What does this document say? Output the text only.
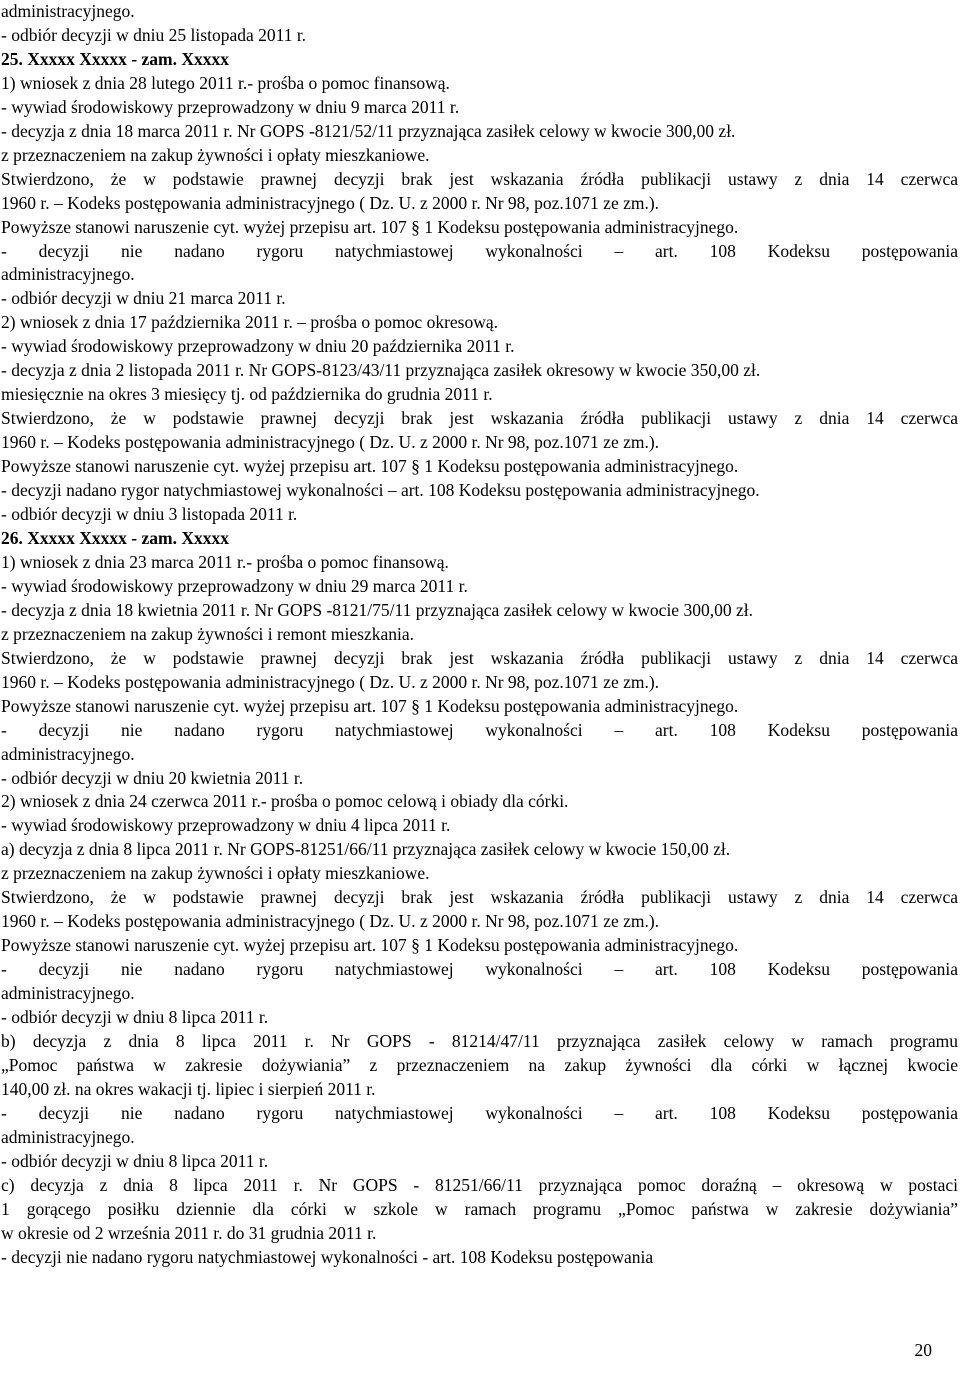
administracyjnego.
- odbiór decyzji w dniu 25 listopada 2011 r.
25. Xxxxx Xxxxx - zam. Xxxxx
1) wniosek z dnia 28 lutego 2011 r.- prośba o pomoc finansową.
- wywiad środowiskowy przeprowadzony w dniu 9 marca 2011 r.
- decyzja z dnia 18 marca 2011 r. Nr GOPS -8121/52/11 przyznająca zasiłek celowy w kwocie 300,00 zł.
z przeznaczeniem na zakup żywności i opłaty mieszkaniowe.
Stwierdzono, że w podstawie prawnej decyzji brak jest wskazania źródła publikacji ustawy z dnia 14 czerwca
1960 r. – Kodeks postępowania administracyjnego ( Dz. U. z 2000 r. Nr 98, poz.1071 ze zm.).
Powyższe stanowi naruszenie cyt. wyżej przepisu art. 107 § 1 Kodeksu postępowania administracyjnego.
- decyzji nie nadano rygoru natychmiastowej wykonalności – art. 108 Kodeksu postępowania
administracyjnego.
- odbiór decyzji w dniu 21 marca 2011 r.
2) wniosek z dnia 17 października 2011 r. – prośba o pomoc okresową.
- wywiad środowiskowy przeprowadzony w dniu 20 października 2011 r.
- decyzja z dnia 2 listopada 2011 r. Nr GOPS-8123/43/11 przyznająca zasiłek okresowy w kwocie 350,00 zł.
miesięcznie na okres 3 miesięcy tj. od października do grudnia 2011 r.
Stwierdzono, że w podstawie prawnej decyzji brak jest wskazania źródła publikacji ustawy z dnia 14 czerwca
1960 r. – Kodeks postępowania administracyjnego ( Dz. U. z 2000 r. Nr 98, poz.1071 ze zm.).
Powyższe stanowi naruszenie cyt. wyżej przepisu art. 107 § 1 Kodeksu postępowania administracyjnego.
- decyzji nadano rygor natychmiastowej wykonalności – art. 108 Kodeksu postępowania administracyjnego.
- odbiór decyzji w dniu 3 listopada 2011 r.
26. Xxxxx Xxxxx - zam. Xxxxx
1) wniosek z dnia 23 marca 2011 r.- prośba o pomoc finansową.
- wywiad środowiskowy przeprowadzony w dniu 29 marca 2011 r.
- decyzja z dnia 18 kwietnia 2011 r. Nr GOPS -8121/75/11 przyznająca zasiłek celowy w kwocie 300,00 zł.
z przeznaczeniem na zakup żywności i remont mieszkania.
Stwierdzono, że w podstawie prawnej decyzji brak jest wskazania źródła publikacji ustawy z dnia 14 czerwca
1960 r. – Kodeks postępowania administracyjnego ( Dz. U. z 2000 r. Nr 98, poz.1071 ze zm.).
Powyższe stanowi naruszenie cyt. wyżej przepisu art. 107 § 1 Kodeksu postępowania administracyjnego.
- decyzji nie nadano rygoru natychmiastowej wykonalności – art. 108 Kodeksu postępowania
administracyjnego.
- odbiór decyzji w dniu 20 kwietnia 2011 r.
2) wniosek z dnia 24 czerwca 2011 r.- prośba o pomoc celową i obiady dla córki.
- wywiad środowiskowy przeprowadzony w dniu 4 lipca 2011 r.
a) decyzja z dnia 8 lipca 2011 r. Nr GOPS-81251/66/11 przyznająca zasiłek celowy w kwocie 150,00 zł.
z przeznaczeniem na zakup żywności i opłaty mieszkaniowe.
Stwierdzono, że w podstawie prawnej decyzji brak jest wskazania źródła publikacji ustawy z dnia 14 czerwca
1960 r. – Kodeks postępowania administracyjnego ( Dz. U. z 2000 r. Nr 98, poz.1071 ze zm.).
Powyższe stanowi naruszenie cyt. wyżej przepisu art. 107 § 1 Kodeksu postępowania administracyjnego.
- decyzji nie nadano rygoru natychmiastowej wykonalności – art. 108 Kodeksu postępowania
administracyjnego.
- odbiór decyzji w dniu 8 lipca 2011 r.
b) decyzja z dnia 8 lipca 2011 r. Nr GOPS - 81214/47/11 przyznająca zasiłek celowy w ramach programu
„Pomoc państwa w zakresie dożywiania” z przeznaczeniem na zakup żywności dla córki w łącznej kwocie
140,00 zł. na okres wakacji tj. lipiec i sierpień 2011 r.
- decyzji nie nadano rygoru natychmiastowej wykonalności – art. 108 Kodeksu postępowania
administracyjnego.
- odbiór decyzji w dniu 8 lipca 2011 r.
c) decyzja z dnia 8 lipca 2011 r. Nr GOPS - 81251/66/11 przyznająca pomoc doraźną – okresową w postaci
1 gorącego posiłku dziennie dla córki w szkole w ramach programu „Pomoc państwa w zakresie dożywiania”
w okresie od 2 września 2011 r. do 31 grudnia 2011 r.
- decyzji nie nadano rygoru natychmiastowej wykonalności - art. 108 Kodeksu postępowania
20
